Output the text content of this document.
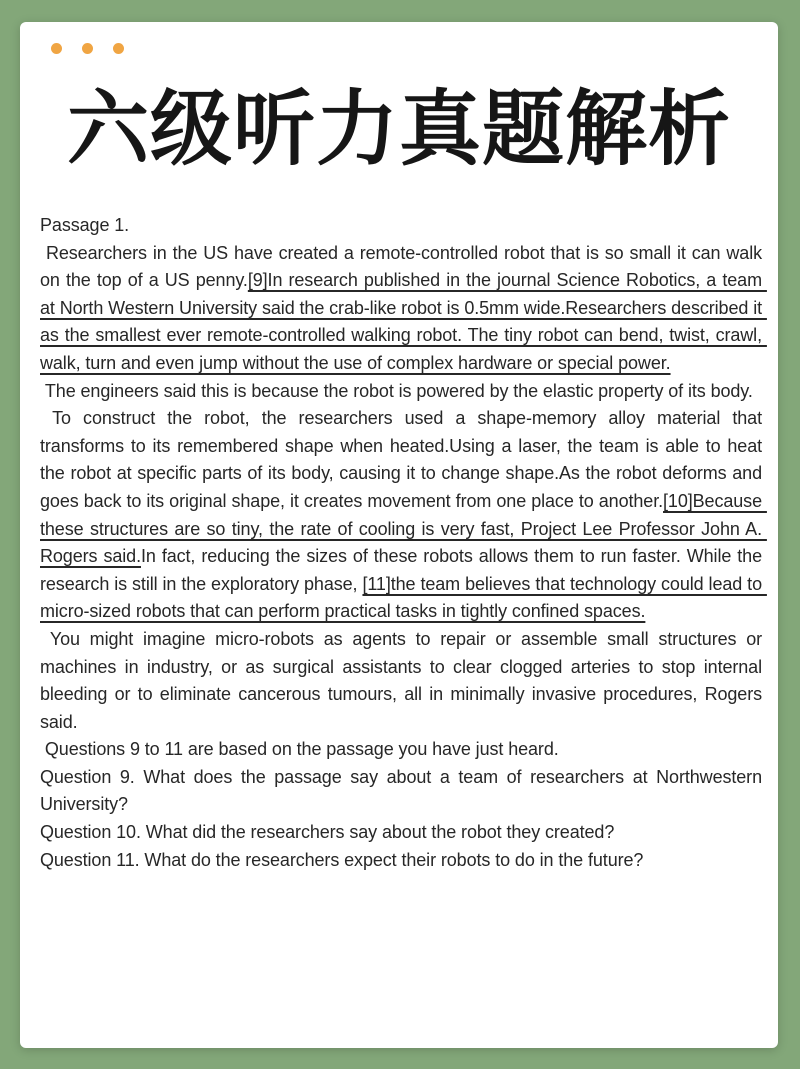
六级听力真题解析

Passage 1.

Researchers in the US have created a remote-controlled robot that is so small it can walk on the top of a US penny.[9]In research published in the journal Science Robotics, a team at North Western University said the crab-like robot is 0.5mm wide.Researchers described it as the smallest ever remote-controlled walking robot. The tiny robot can bend, twist, crawl, walk, turn and even jump without the use of complex hardware or special power.

The engineers said this is because the robot is powered by the elastic property of its body.

To construct the robot, the researchers used a shape-memory alloy material that transforms to its remembered shape when heated.Using a laser, the team is able to heat the robot at specific parts of its body, causing it to change shape.As the robot deforms and goes back to its original shape, it creates movement from one place to another.[10]Because these structures are so tiny, the rate of cooling is very fast, Project Lee Professor John A. Rogers said.In fact, reducing the sizes of these robots allows them to run faster. While the research is still in the exploratory phase, [11]the team believes that technology could lead to micro-sized robots that can perform practical tasks in tightly confined spaces.

You might imagine micro-robots as agents to repair or assemble small structures or machines in industry, or as surgical assistants to clear clogged arteries to stop internal bleeding or to eliminate cancerous tumours, all in minimally invasive procedures, Rogers said.

Questions 9 to 11 are based on the passage you have just heard.

Question 9. What does the passage say about a team of researchers at Northwestern University?

Question 10. What did the researchers say about the robot they created?

Question 11. What do the researchers expect their robots to do in the future?
